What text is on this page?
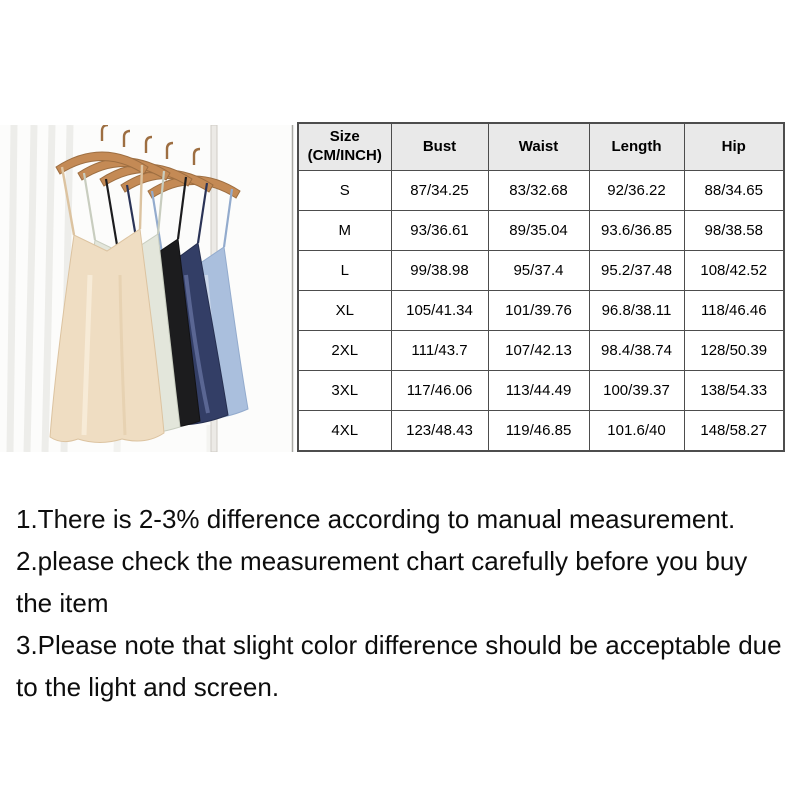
Size (CM/INCH)	Bust	Waist	Length	Hip
S	87/34.25	83/32.68	92/36.22	88/34.65
M	93/36.61	89/35.04	93.6/36.85	98/38.58
L	99/38.98	95/37.4	95.2/37.48	108/42.52
XL	105/41.34	101/39.76	96.8/38.11	118/46.46
2XL	111/43.7	107/42.13	98.4/38.74	128/50.39
3XL	117/46.06	113/44.49	100/39.37	138/54.33
4XL	123/48.43	119/46.85	101.6/40	148/58.27

1.There is 2-3% difference according to manual measurement.

2.please check the measurement chart carefully before you buy the item

3.Please note that slight color difference should be acceptable due to the light and screen.
